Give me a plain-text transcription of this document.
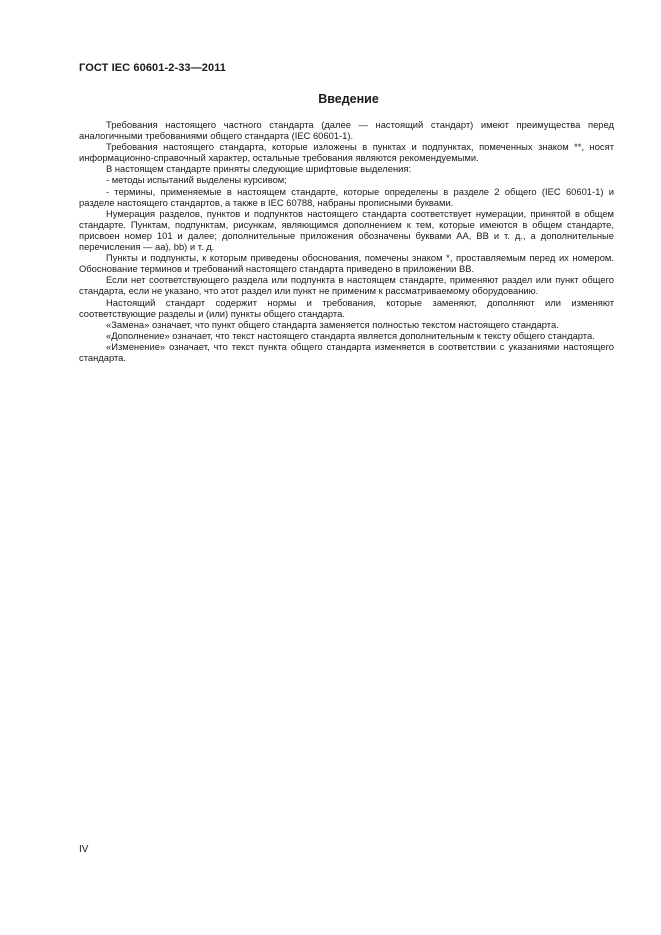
ГОСТ IEC 60601-2-33—2011
Введение

Требования настоящего частного стандарта (далее — настоящий стандарт) имеют преимущества перед аналогичными требованиями общего стандарта (IEC 60601-1).

Требования настоящего стандарта, которые изложены в пунктах и подпунктах, помеченных знаком **, носят информационно-справочный характер, остальные требования являются рекомендуемыми.

В настоящем стандарте приняты следующие шрифтовые выделения:

- методы испытаний выделены курсивом;

- термины, применяемые в настоящем стандарте, которые определены в разделе 2 общего (IEC 60601-1) и разделе настоящего стандартов, а также в IEC 60788, набраны прописными буквами.

Нумерация разделов, пунктов и подпунктов настоящего стандарта соответствует нумерации, принятой в общем стандарте. Пунктам, подпунктам, рисункам, являющимся дополнением к тем, которые имеются в общем стандарте, присвоен номер 101 и далее; дополнительные приложения обозначены буквами АА, ВВ и т. д., а дополнительные перечисления — аа), bb) и т. д.

Пункты и подпункты, к которым приведены обоснования, помечены знаком *, проставляемым перед их номером. Обоснование терминов и требований настоящего стандарта приведено в приложении ВВ.

Если нет соответствующего раздела или подпункта в настоящем стандарте, применяют раздел или пункт общего стандарта, если не указано, что этот раздел или пункт не применим к рассматриваемому оборудованию.

Настоящий стандарт содержит нормы и требования, которые заменяют, дополняют или изменяют соответствующие разделы и (или) пункты общего стандарта.

«Замена» означает, что пункт общего стандарта заменяется полностью текстом настоящего стандарта.

«Дополнение» означает, что текст настоящего стандарта является дополнительным к тексту общего стандарта.

«Изменение» означает, что текст пункта общего стандарта изменяется в соответствии с указаниями настоящего стандарта.

IV
